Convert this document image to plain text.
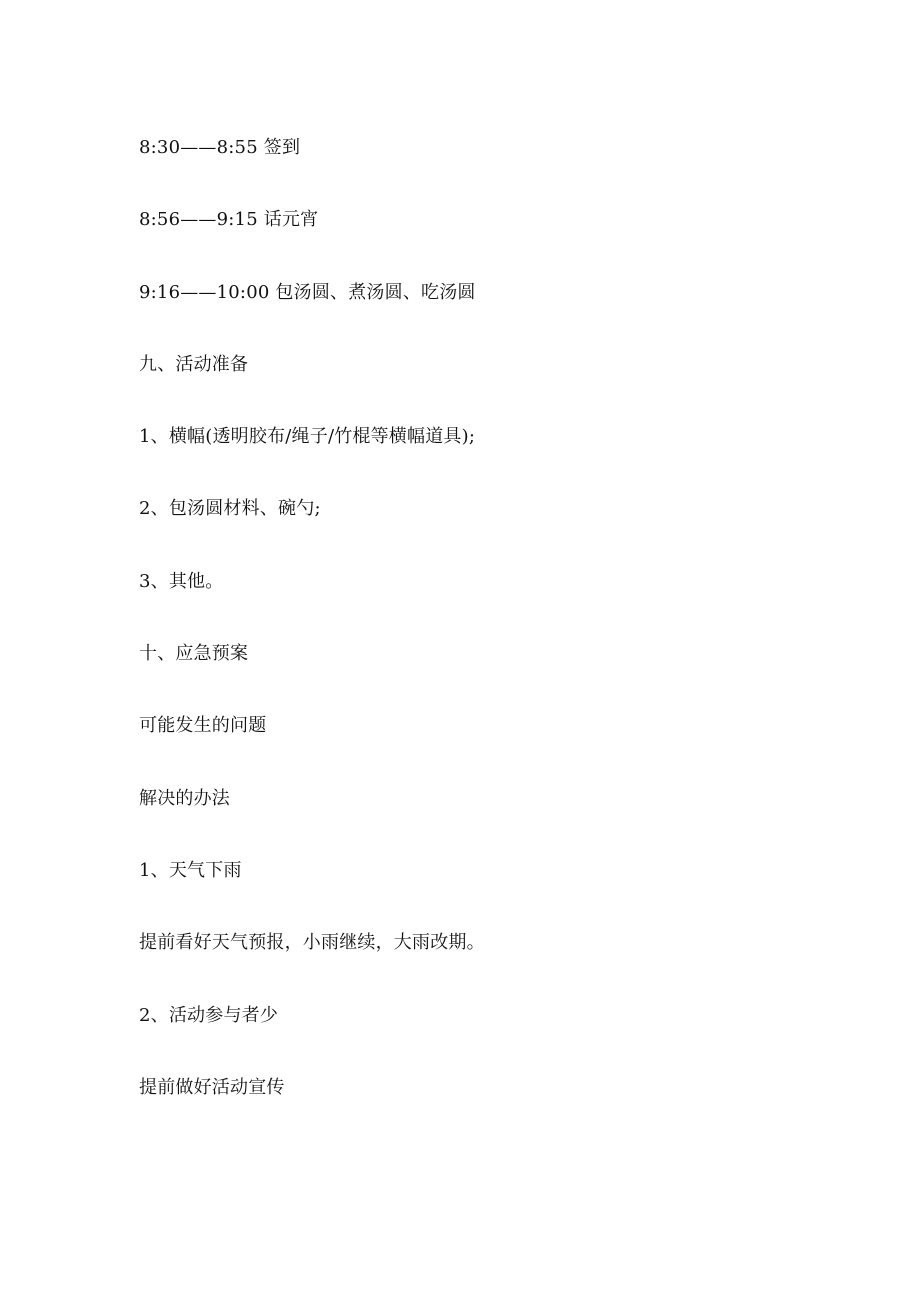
8:30——8:55 签到
8:56——9:15 话元宵
9:16——10:00 包汤圆、煮汤圆、吃汤圆
九、活动准备
1、横幅(透明胶布/绳子/竹棍等横幅道具);
2、包汤圆材料、碗勺;
3、其他。
十、应急预案
可能发生的问题
解决的办法
1、天气下雨
提前看好天气预报，小雨继续，大雨改期。
2、活动参与者少
提前做好活动宣传
